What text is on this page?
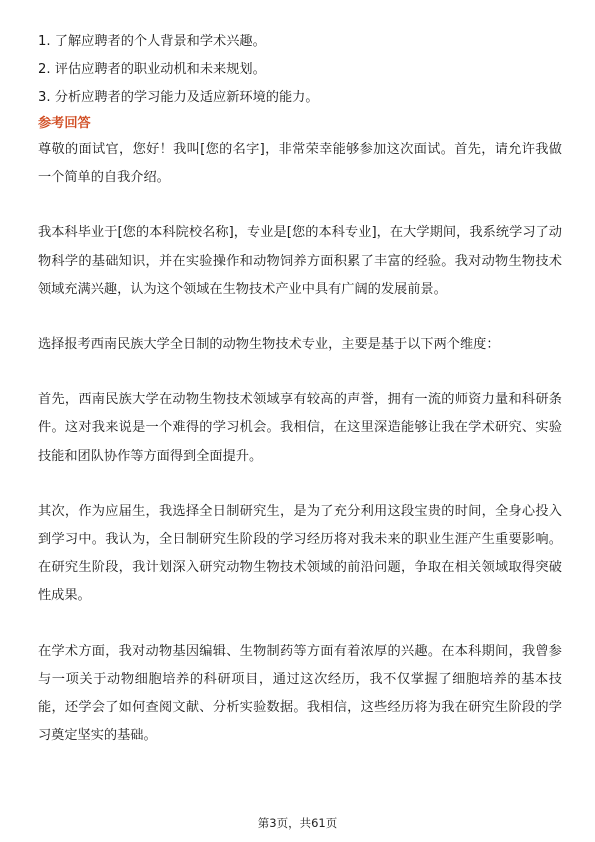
1. 了解应聘者的个人背景和学术兴趣。
2. 评估应聘者的职业动机和未来规划。
3. 分析应聘者的学习能力及适应新环境的能力。
参考回答

尊敬的面试官，您好！我叫[您的名字]，非常荣幸能够参加这次面试。首先，请允许我做一个简单的自我介绍。

我本科毕业于[您的本科院校名称]，专业是[您的本科专业]，在大学期间，我系统学习了动物科学的基础知识，并在实验操作和动物饲养方面积累了丰富的经验。我对动物生物技术领域充满兴趣，认为这个领域在生物技术产业中具有广阔的发展前景。

选择报考西南民族大学全日制的动物生物技术专业，主要是基于以下两个维度：

首先，西南民族大学在动物生物技术领域享有较高的声誉，拥有一流的师资力量和科研条件。这对我来说是一个难得的学习机会。我相信，在这里深造能够让我在学术研究、实验技能和团队协作等方面得到全面提升。

其次，作为应届生，我选择全日制研究生，是为了充分利用这段宝贵的时间，全身心投入到学习中。我认为，全日制研究生阶段的学习经历将对我未来的职业生涯产生重要影响。在研究生阶段，我计划深入研究动物生物技术领域的前沿问题，争取在相关领域取得突破性成果。

在学术方面，我对动物基因编辑、生物制药等方面有着浓厚的兴趣。在本科期间，我曾参与一项关于动物细胞培养的科研项目，通过这次经历，我不仅掌握了细胞培养的基本技能，还学会了如何查阅文献、分析实验数据。我相信，这些经历将为我在研究生阶段的学习奠定坚实的基础。

第3页，共61页
